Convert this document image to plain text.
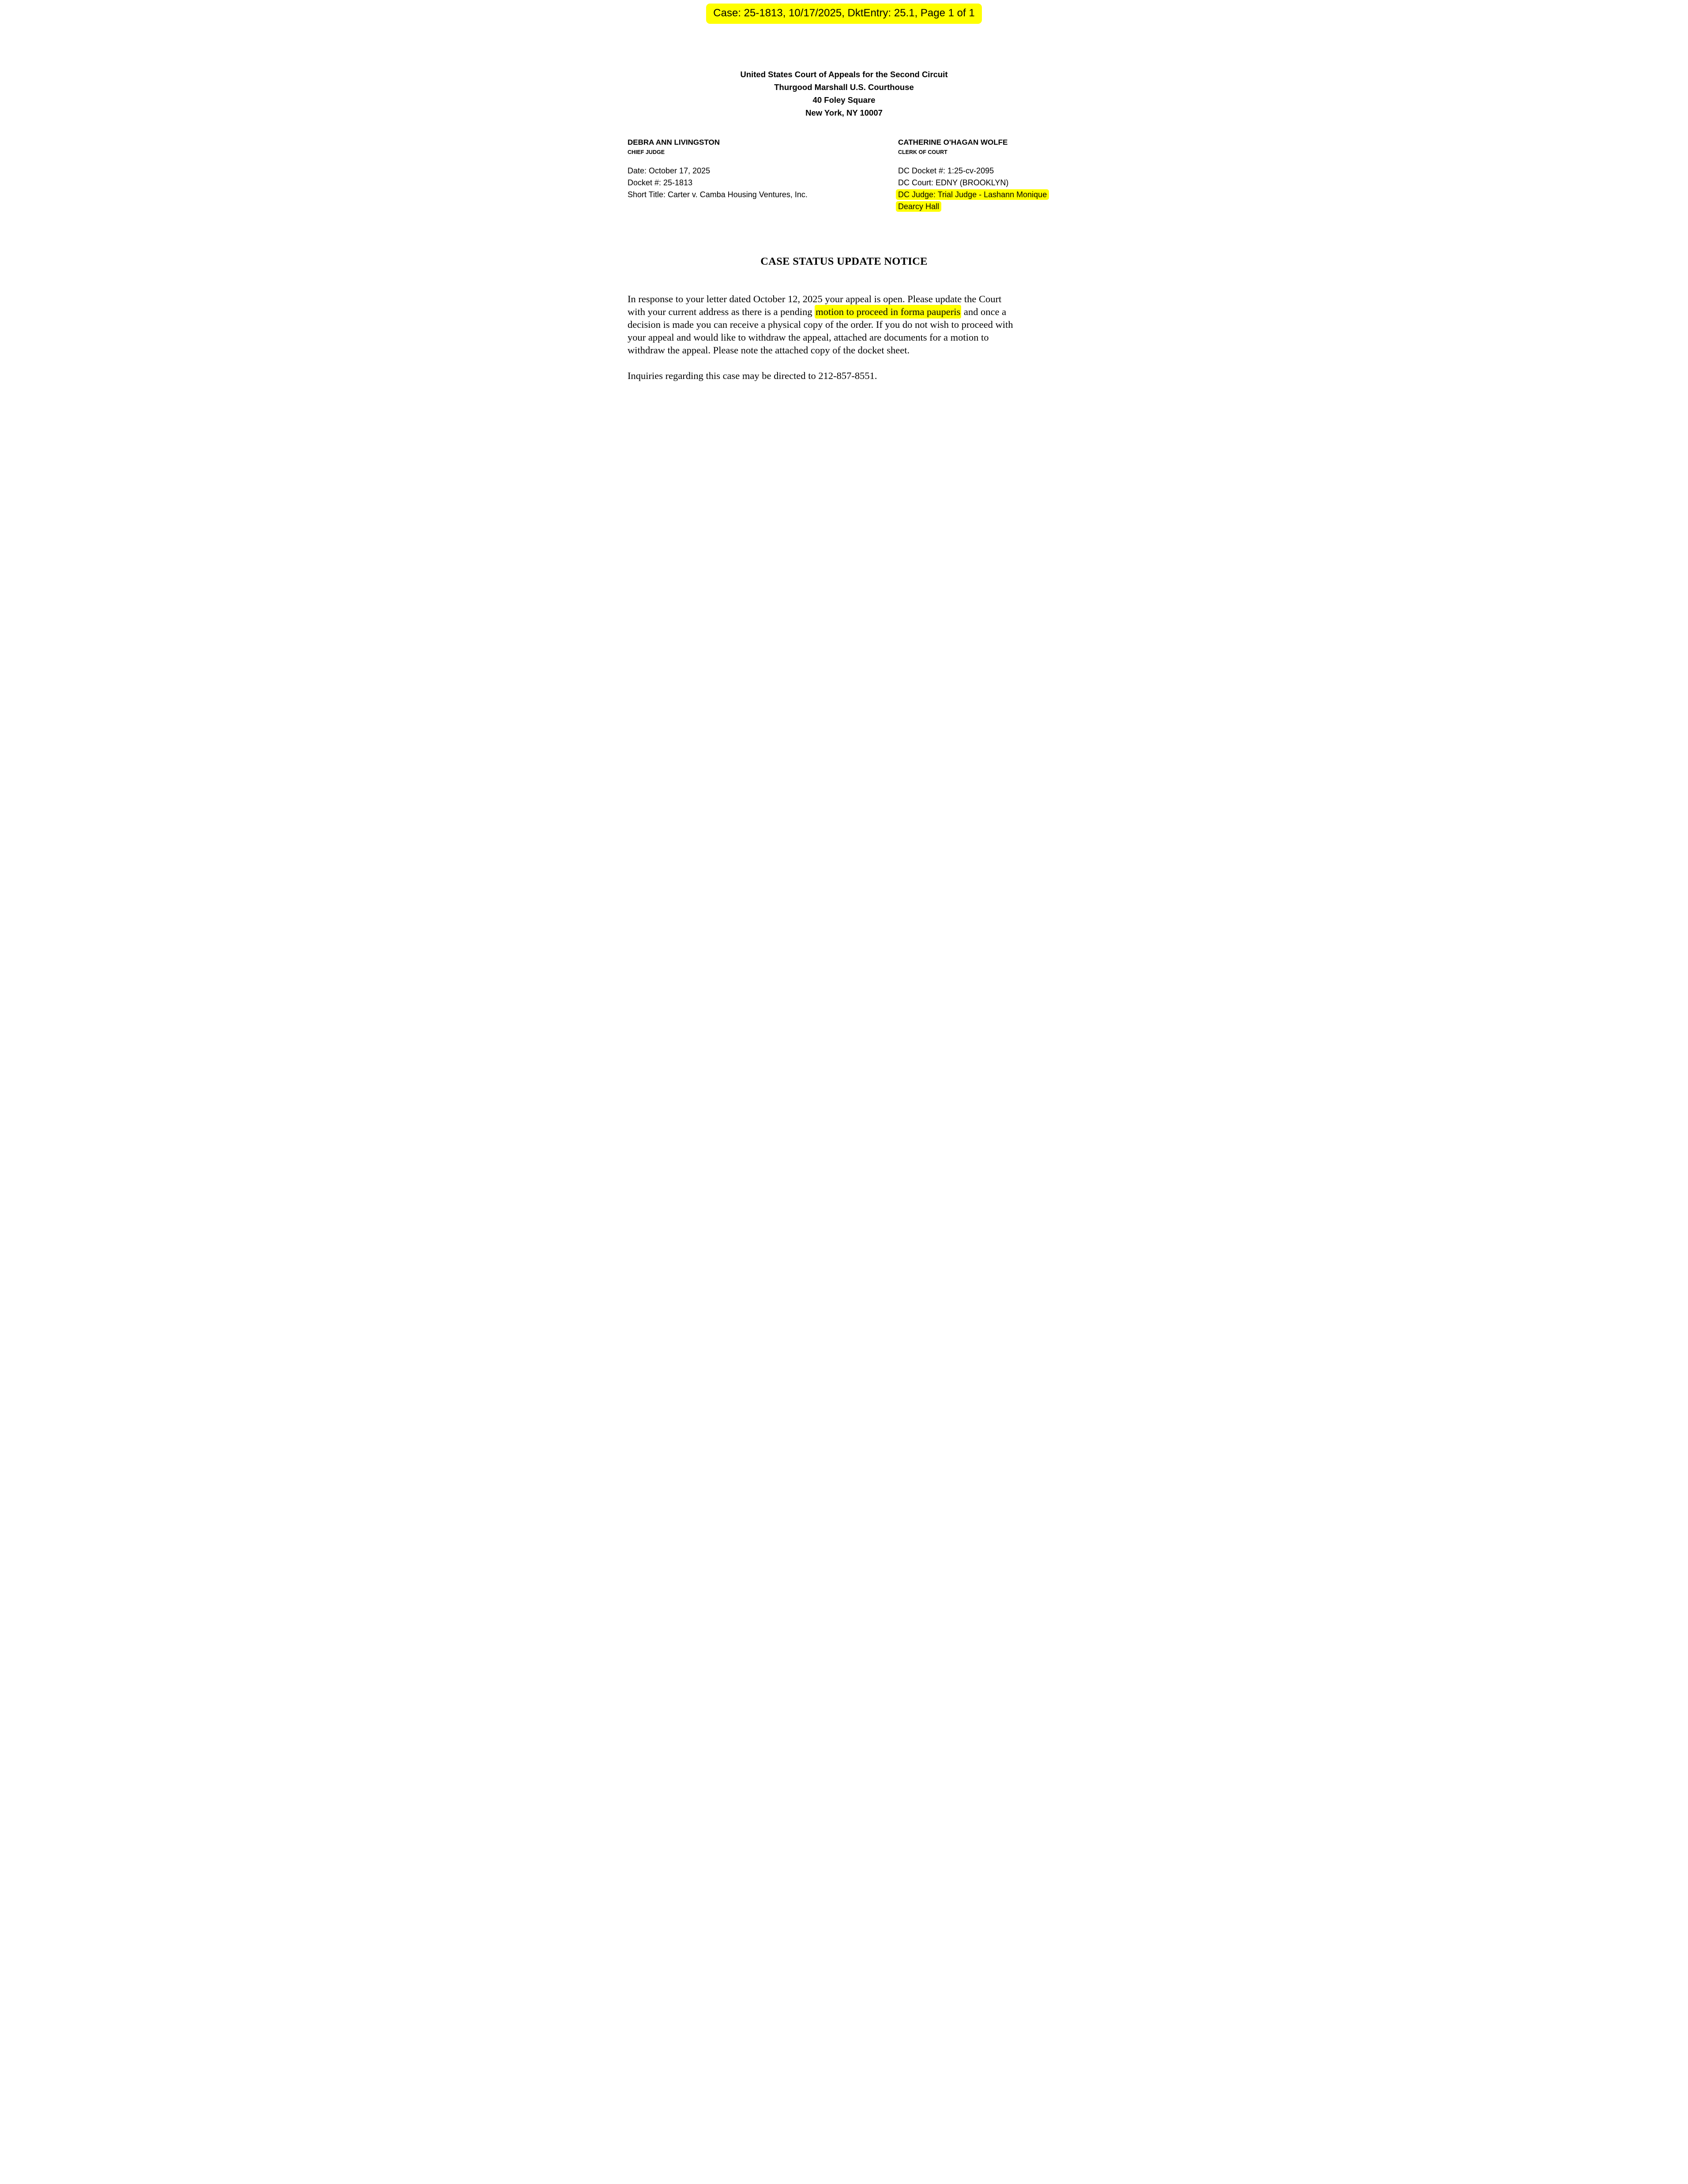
Case: 25-1813, 10/17/2025, DktEntry: 25.1, Page 1 of 1
United States Court of Appeals for the Second Circuit
Thurgood Marshall U.S. Courthouse
40 Foley Square
New York, NY 10007
DEBRA ANN LIVINGSTON
CHIEF JUDGE
Date: October 17, 2025
Docket #: 25-1813
Short Title: Carter v. Camba Housing Ventures, Inc.
CATHERINE O'HAGAN WOLFE
CLERK OF COURT
DC Docket #: 1:25-cv-2095
DC Court: EDNY (BROOKLYN)
DC Judge: Trial Judge - Lashann Monique Dearcy Hall
CASE STATUS UPDATE NOTICE
In response to your letter dated October 12, 2025 your appeal is open. Please update the Court
with your current address as there is a pending motion to proceed in forma pauperis and once a
decision is made you can receive a physical copy of the order. If you do not wish to proceed with
your appeal and would like to withdraw the appeal, attached are documents for a motion to
withdraw the appeal. Please note the attached copy of the docket sheet.
Inquiries regarding this case may be directed to 212-857-8551.
